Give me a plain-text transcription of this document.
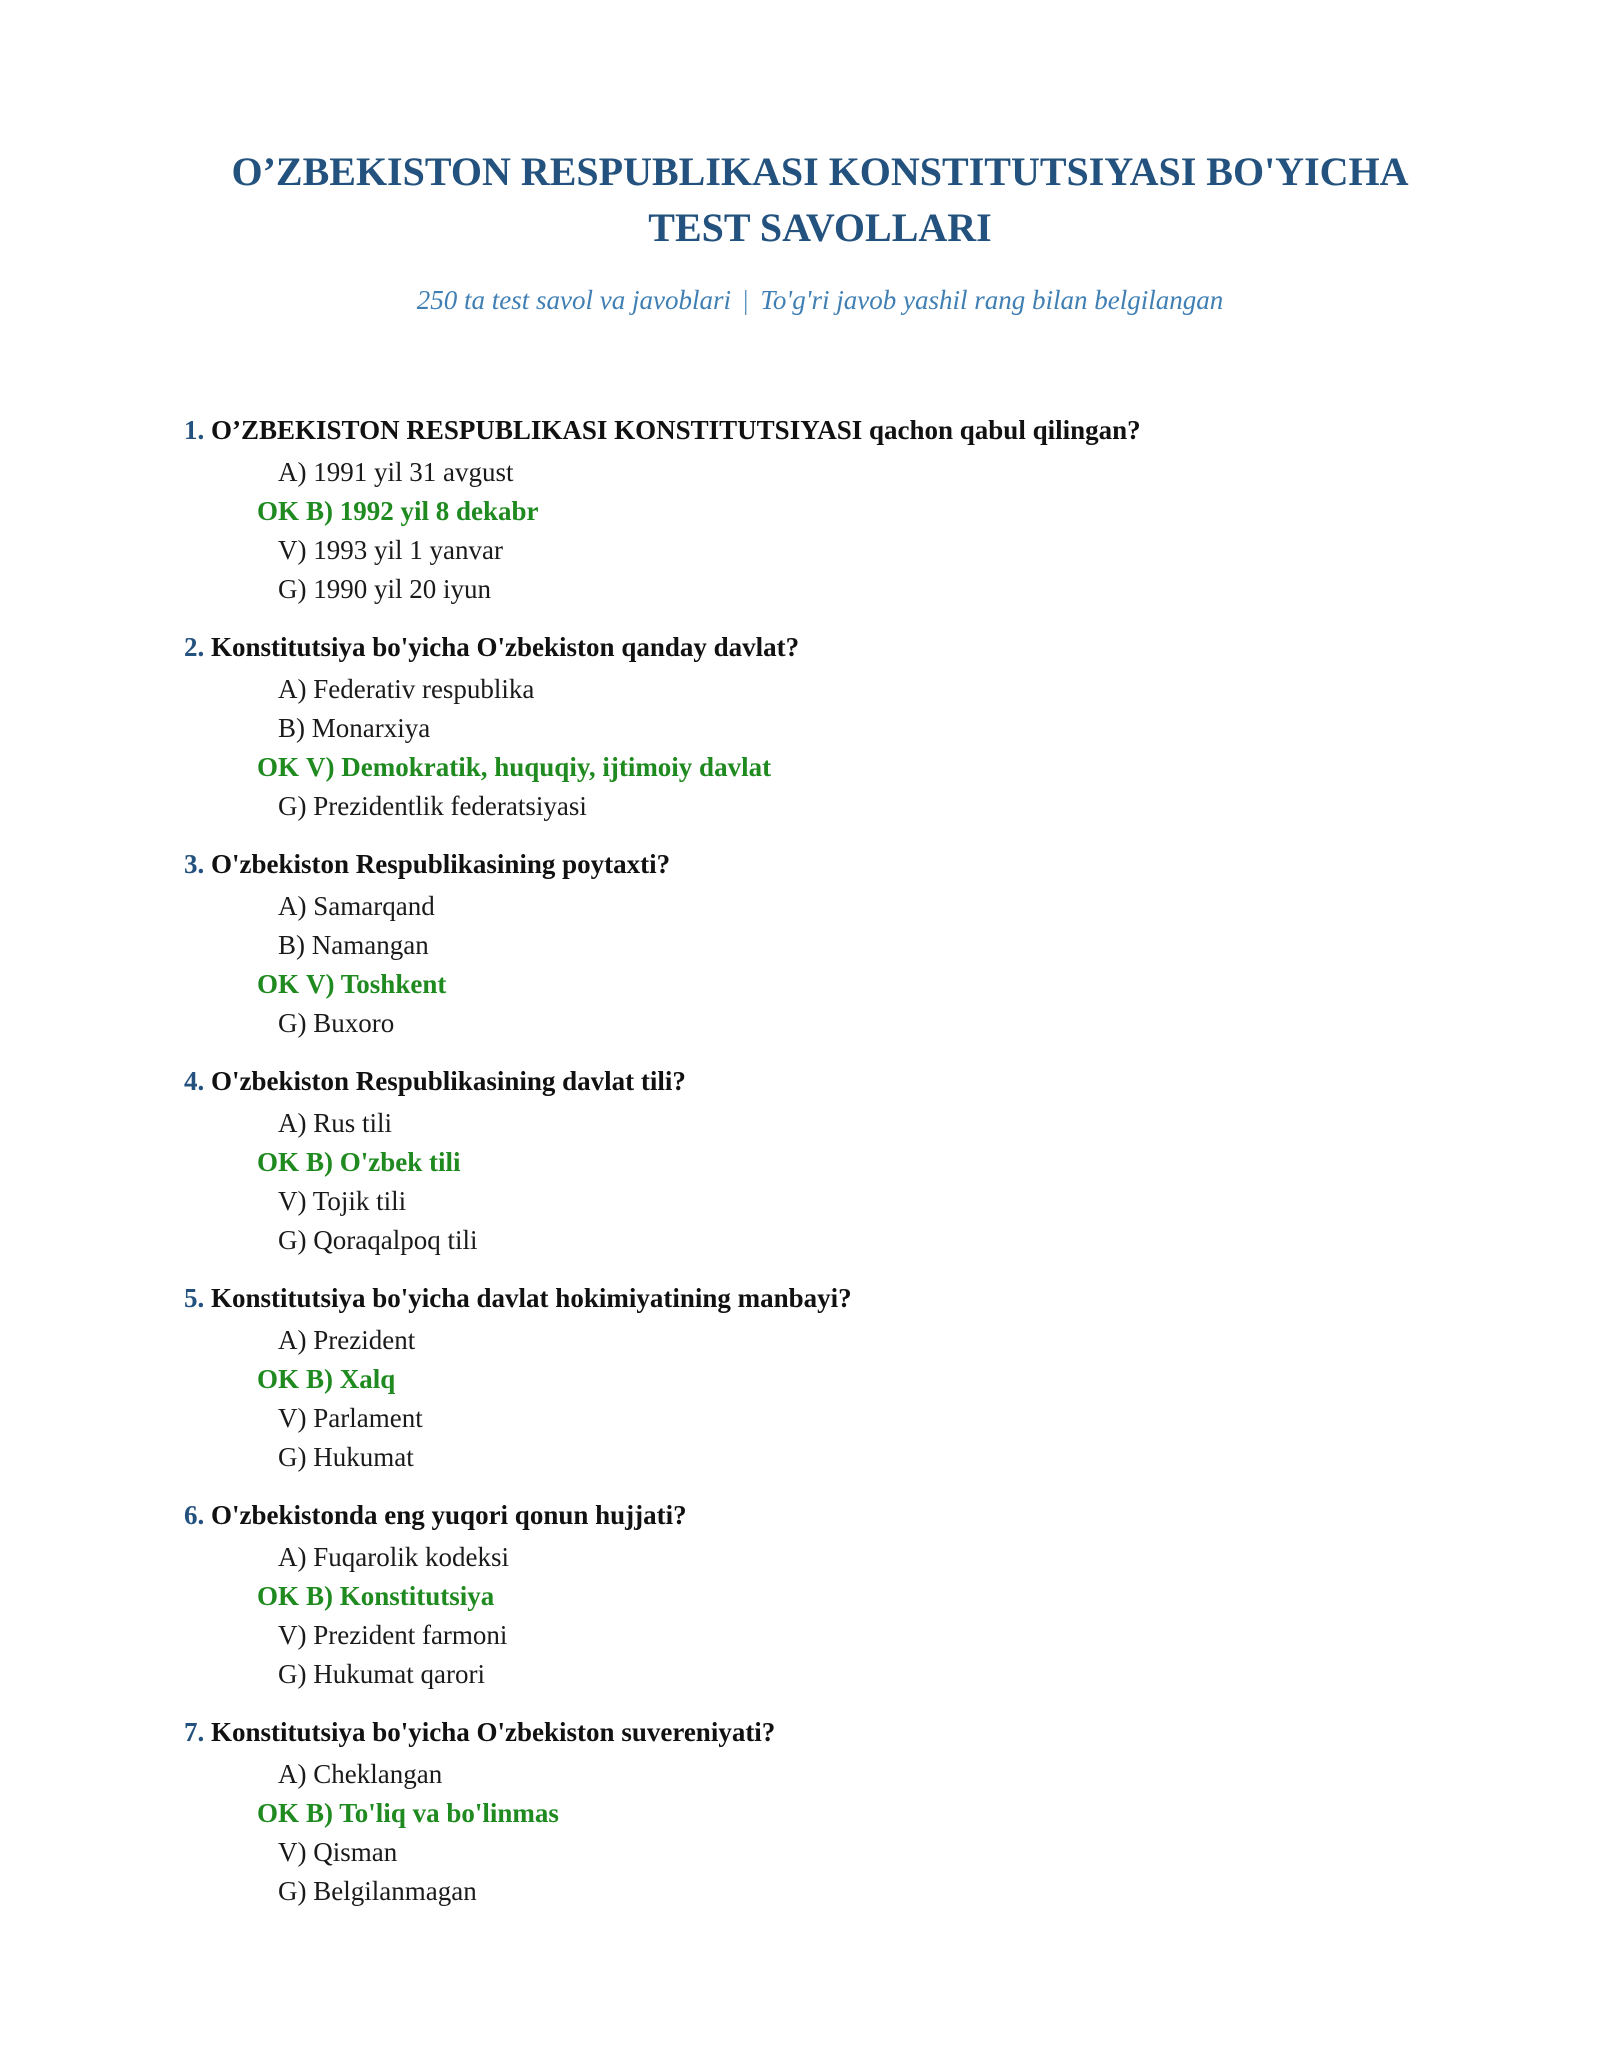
O’ZBEKISTON RESPUBLIKASI KONSTITUTSIYASI BO'YICHA
TEST SAVOLLARI
250 ta test savol va javoblari | To'g'ri javob yashil rang bilan belgilangan
1. O’ZBEKISTON RESPUBLIKASI KONSTITUTSIYASI qachon qabul qilingan?
A) 1991 yil 31 avgust
OK B) 1992 yil 8 dekabr
V) 1993 yil 1 yanvar
G) 1990 yil 20 iyun
2. Konstitutsiya bo'yicha O'zbekiston qanday davlat?
A) Federativ respublika
B) Monarxiya
OK V) Demokratik, huquqiy, ijtimoiy davlat
G) Prezidentlik federatsiyasi
3. O'zbekiston Respublikasining poytaxti?
A) Samarqand
B) Namangan
OK V) Toshkent
G) Buxoro
4. O'zbekiston Respublikasining davlat tili?
A) Rus tili
OK B) O'zbek tili
V) Tojik tili
G) Qoraqalpoq tili
5. Konstitutsiya bo'yicha davlat hokimiyatining manbayi?
A) Prezident
OK B) Xalq
V) Parlament
G) Hukumat
6. O'zbekistonda eng yuqori qonun hujjati?
A) Fuqarolik kodeksi
OK B) Konstitutsiya
V) Prezident farmoni
G) Hukumat qarori
7. Konstitutsiya bo'yicha O'zbekiston suvereniyati?
A) Cheklangan
OK B) To'liq va bo'linmas
V) Qisman
G) Belgilanmagan
